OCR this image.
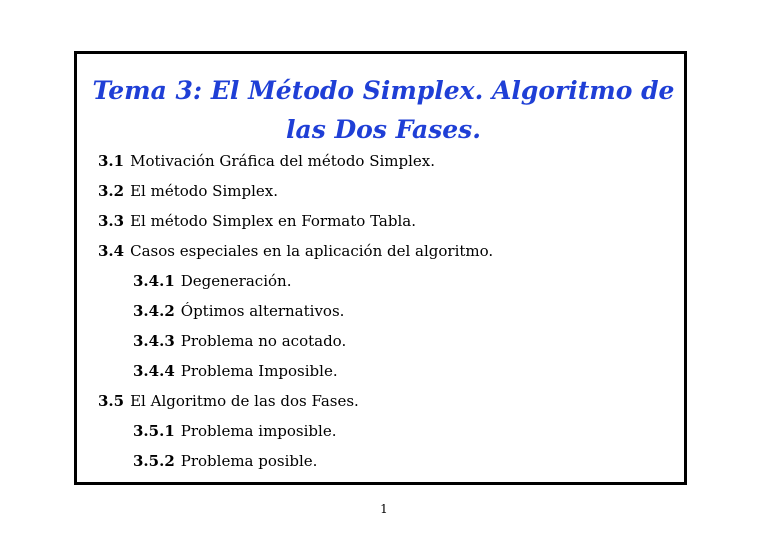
Tema 3: El Método Simplex. Algoritmo de las Dos Fases.
3.1 Motivación Gráfica del método Simplex.
3.2 El método Simplex.
3.3 El método Simplex en Formato Tabla.
3.4 Casos especiales en la aplicación del algoritmo.
3.4.1 Degeneración.
3.4.2 Óptimos alternativos.
3.4.3 Problema no acotado.
3.4.4 Problema Imposible.
3.5 El Algoritmo de las dos Fases.
3.5.1 Problema imposible.
3.5.2 Problema posible.
1
